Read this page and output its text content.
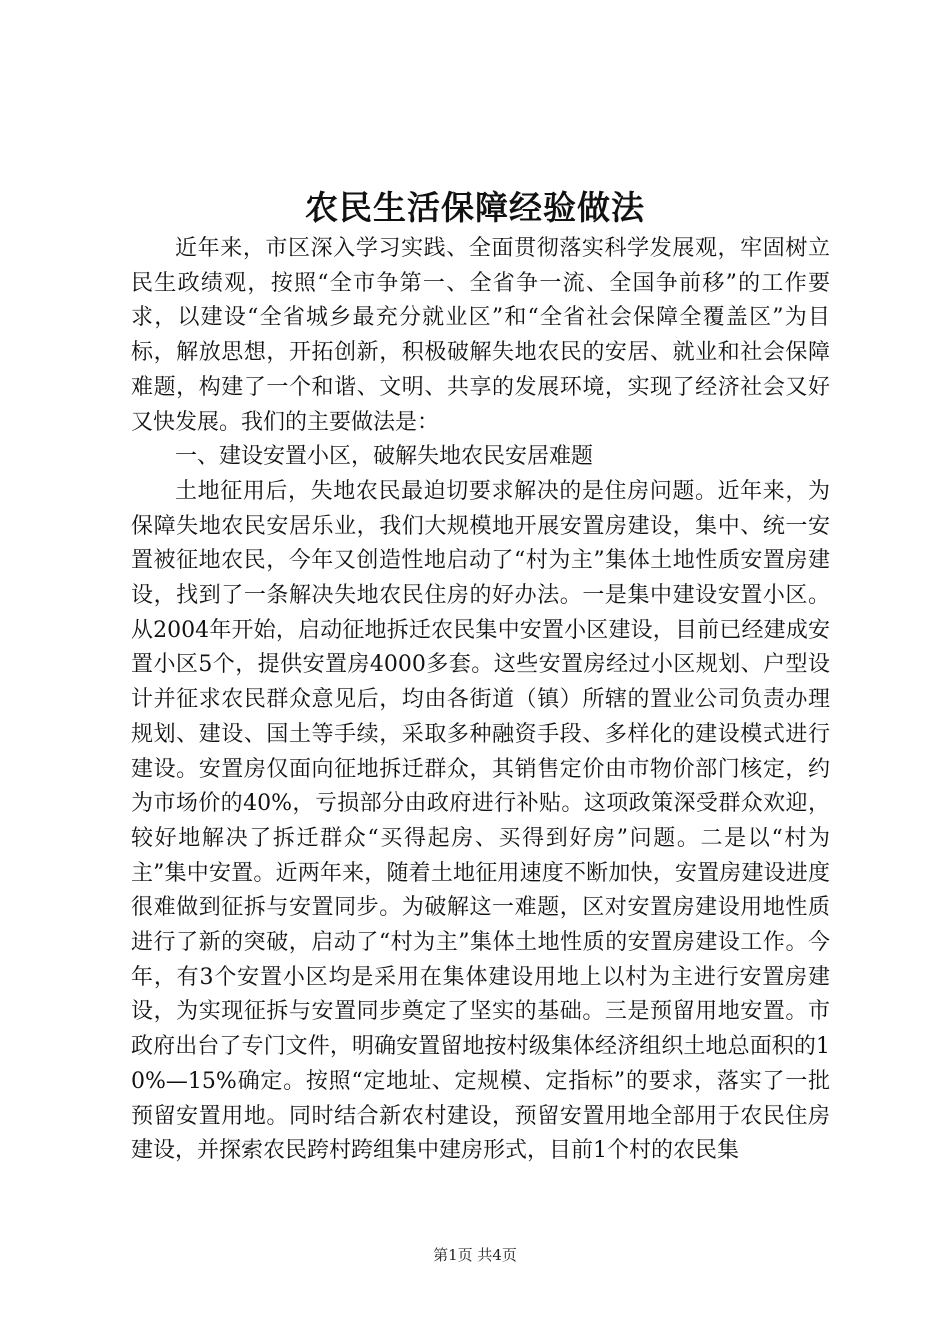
农民生活保障经验做法

近年来，市区深入学习实践、全面贯彻落实科学发展观，牢固树立民生政绩观，按照“全市争第一、全省争一流、全国争前移”的工作要求，以建设“全省城乡最充分就业区”和“全省社会保障全覆盖区”为目标，解放思想，开拓创新，积极破解失地农民的安居、就业和社会保障难题，构建了一个和谐、文明、共享的发展环境，实现了经济社会又好又快发展。我们的主要做法是：

一、建设安置小区，破解失地农民安居难题

土地征用后，失地农民最迫切要求解决的是住房问题。近年来，为保障失地农民安居乐业，我们大规模地开展安置房建设，集中、统一安置被征地农民，今年又创造性地启动了“村为主”集体土地性质安置房建设，找到了一条解决失地农民住房的好办法。一是集中建设安置小区。从2004年开始，启动征地拆迁农民集中安置小区建设，目前已经建成安置小区5个，提供安置房4000多套。这些安置房经过小区规划、户型设计并征求农民群众意见后，均由各街道（镇）所辖的置业公司负责办理规划、建设、国土等手续，采取多种融资手段、多样化的建设模式进行建设。安置房仅面向征地拆迁群众，其销售定价由市物价部门核定，约为市场价的40%，亏损部分由政府进行补贴。这项政策深受群众欢迎，较好地解决了拆迁群众“买得起房、买得到好房”问题。二是以“村为主”集中安置。近两年来，随着土地征用速度不断加快，安置房建设进度很难做到征拆与安置同步。为破解这一难题，区对安置房建设用地性质进行了新的突破，启动了“村为主”集体土地性质的安置房建设工作。今年，有3个安置小区均是采用在集体建设用地上以村为主进行安置房建设，为实现征拆与安置同步奠定了坚实的基础。三是预留用地安置。市政府出台了专门文件，明确安置留地按村级集体经济组织土地总面积的10%—15%确定。按照“定地址、定规模、定指标”的要求，落实了一批预留安置用地。同时结合新农村建设，预留安置用地全部用于农民住房建设，并探索农民跨村跨组集中建房形式，目前1个村的农民集

第1页 共4页
